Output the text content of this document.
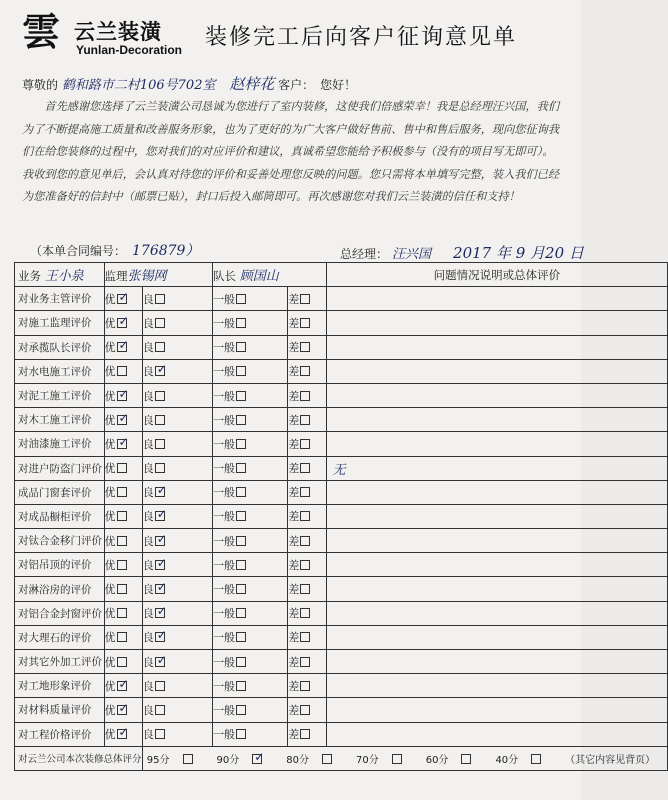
雲 云兰装潢
Yunlan-Decoration 装修完工后向客户征询意见单
尊敬的 鹤和路市二村106号702室 赵梓花 客户：　您好！
首先感谢您选择了云兰装潢公司恳诚为您进行了室内装修，这使我们倍感荣幸！我是总经理汪兴国，我们为了不断提高施工质量和改善服务形象，也为了更好的为广大客户做好售前、售中和售后服务，现向您征询我们在给您装修的过程中，您对我们的对应评价和建议，真诚希望您能给予积极参与（没有的项目写无即可）。我收到您的意见单后，会认真对待您的评价和妥善处理您反映的问题。您只需将本单填写完整，装入我们已经为您准备好的信封中（邮票已贴），封口后投入邮筒即可。再次感谢您对我们云兰装潢的信任和支持！
（本单合同编号： 176879）	总经理： 汪兴国 2017 年 9 月20 日
业务 王小泉	监理张锡网		队长 顾国山		问题情况说明或总体评价
对业务主管评价	优 ✓	良	一般	差	
对施工监理评价	优 ✓	良	一般	差	
对承揽队长评价	优 ✓	良	一般	差	
对水电施工评价	优	良 ✓	一般	差	
对泥工施工评价	优 ✓	良	一般	差	
对木工施工评价	优 ✓	良	一般	差	
对油漆施工评价	优 ✓	良	一般	差	
对进户防盗门评价	优	良	一般	差	无
成品门窗套评价	优	良 ✓	一般	差	
对成品橱柜评价	优	良 ✓	一般	差	
对钛合金移门评价	优	良 ✓	一般	差	
对铝吊顶的评价	优	良 ✓	一般	差	
对淋浴房的评价	优	良 ✓	一般	差	
对铝合金封窗评价	优	良 ✓	一般	差	
对大理石的评价	优	良 ✓	一般	差	
对其它外加工评价	优	良 ✓	一般	差	
对工地形象评价	优 ✓	良	一般	差	
对材料质量评价	优 ✓	良	一般	差	
对工程价格评价	优 ✓	良	一般	差	
对云兰公司本次装修总体评分		95分 90分 ✓ 80分 70分 60分 40分 （其它内容见背页）			
